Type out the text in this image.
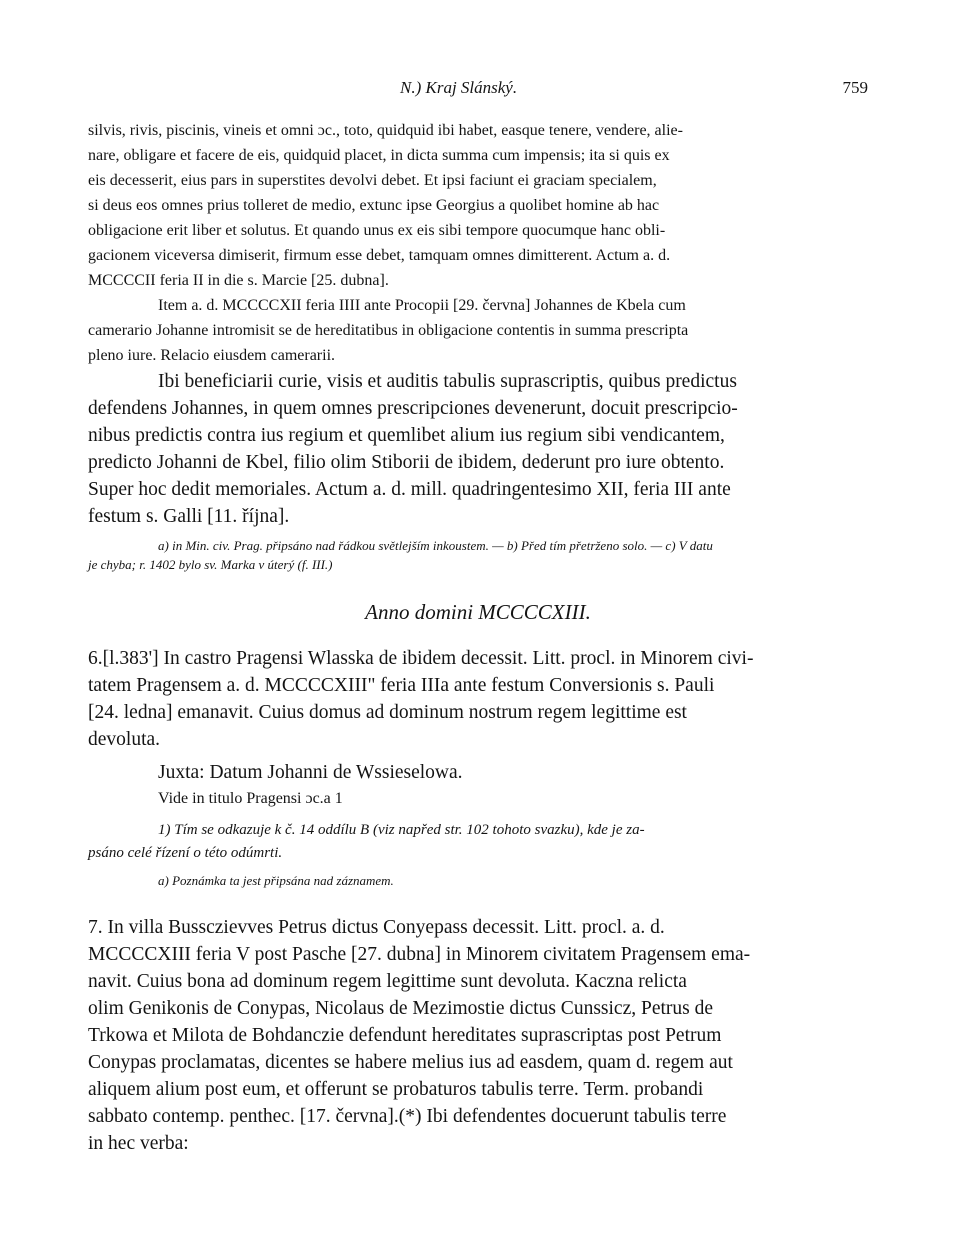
N.) Kraj Slánský.	759

silvis, rivis, piscinis, vineis et omni ɔc., toto, quidquid ibi habet, easque tenere, vendere, alie-

nare, obligare et facere de eis, quidquid placet, in dicta summa cum impensis; ita si quis ex

eis decesserit, eius pars in superstites devolvi debet. Et ipsi faciunt ei graciam specialem,

si deus eos omnes prius tolleret de medio, extunc ipse Georgius a quolibet homine ab hac

obligacione erit liber et solutus. Et quando unus ex eis sibi tempore quocumque hanc obli-

gacionem viceversa dimiserit, firmum esse debet, tamquam omnes dimitterent. Actum a. d.

MCCCCII feria II in die s. Marcie [25. dubna].

Item a. d. MCCCCXII feria IIII ante Procopii [29. června] Johannes de Kbela cum

camerario Johanne intromisit se de hereditatibus in obligacione contentis in summa prescripta

pleno iure. Relacio eiusdem camerarii.

Ibi beneficiarii curie, visis et auditis tabulis suprascriptis, quibus predictus

defendens Johannes, in quem omnes prescripciones devenerunt, docuit prescripcio-

nibus predictis contra ius regium et quemlibet alium ius regium sibi vendicantem,

predicto Johanni de Kbel, filio olim Stiborii de ibidem, dederunt pro iure obtento.

Super hoc dedit memoriales. Actum a. d. mill. quadringentesimo XII, feria III ante

festum s. Galli [11. října].

a) in Min. civ. Prag. připsáno nad řádkou světlejším inkoustem. — b) Před tím přetrženo solo. — c) V datu

je chyba; r. 1402 bylo sv. Marka v úterý (f. III.)

Anno domini MCCCCXIII.

6.[l.383'] In castro Pragensi Wlasska de ibidem decessit. Litt. procl. in Minorem civi-

tatem Pragensem a. d. MCCCCXIII" feria IIIa ante festum Conversionis s. Pauli

[24. ledna] emanavit. Cuius domus ad dominum nostrum regem legittime est

devoluta.

Juxta: Datum Johanni de Wssieselowa.

Vide in titulo Pragensi ɔc.a 1

1) Tím se odkazuje k č. 14 oddílu B (viz napřed str. 102 tohoto svazku), kde je za-

psáno celé řízení o této odúmrti.

a) Poznámka ta jest připsána nad záznamem.

7. In villa Bussczievves Petrus dictus Conyepass decessit. Litt. procl. a. d.

MCCCCXIII feria V post Pasche [27. dubna] in Minorem civitatem Pragensem ema-

navit. Cuius bona ad dominum regem legittime sunt devoluta. Kaczna relicta

olim Genikonis de Conypas, Nicolaus de Mezimostie dictus Cunssicz, Petrus de

Trkowa et Milota de Bohdanczie defendunt hereditates suprascriptas post Petrum

Conypas proclamatas, dicentes se habere melius ius ad easdem, quam d. regem aut

aliquem alium post eum, et offerunt se probaturos tabulis terre. Term. probandi

sabbato contemp. penthec. [17. června].(*) Ibi defendentes docuerunt tabulis terre

in hec verba:
